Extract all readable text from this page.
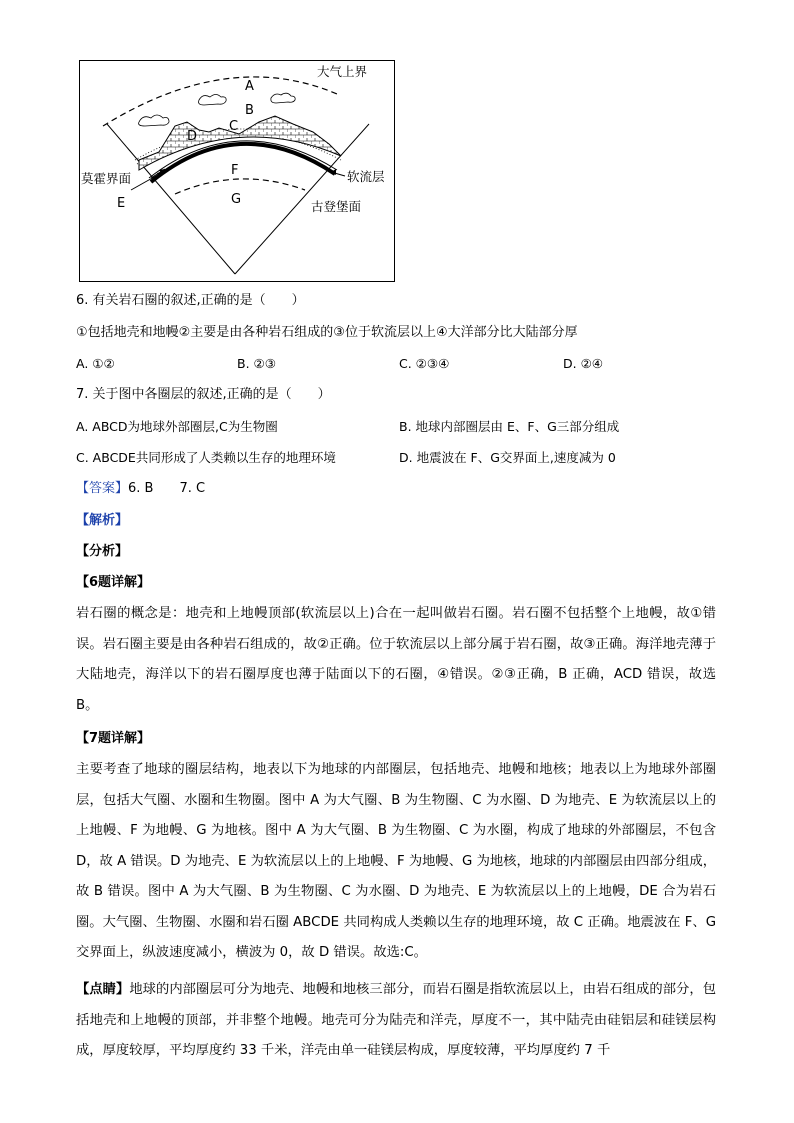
A
B
C
D
F
G
E
大气上界
莫霍界面	软流层
古登堡面
6. 有关岩石圈的叙述,正确的是（　　）
①包括地壳和地幔②主要是由各种岩石组成的③位于软流层以上④大洋部分比大陆部分厚
A. ①②	B. ②③	C. ②③④	D. ②④
7. 关于图中各圈层的叙述,正确的是（　　）
A. ABCD为地球外部圈层,C为生物圈	B. 地球内部圈层由 E、F、G三部分组成
C. ABCDE共同形成了人类赖以生存的地理环境	D. 地震波在 F、G交界面上,速度减为 0
【答案】6. B　　7. C
【解析】
【分析】
【6题详解】

岩石圈的概念是：地壳和上地幔顶部(软流层以上)合在一起叫做岩石圈。岩石圈不包括整个上地幔，故①错误。岩石圈主要是由各种岩石组成的，故②正确。位于软流层以上部分属于岩石圈，故③正确。海洋地壳薄于大陆地壳，海洋以下的岩石圈厚度也薄于陆面以下的石圈，④错误。②③正确，B 正确，ACD 错误，故选 B。

【7题详解】

主要考查了地球的圈层结构，地表以下为地球的内部圈层，包括地壳、地幔和地核；地表以上为地球外部圈层，包括大气圈、水圈和生物圈。图中 A 为大气圈、B 为生物圈、C 为水圈、D 为地壳、E 为软流层以上的上地幔、F 为地幔、G 为地核。图中 A 为大气圈、B 为生物圈、C 为水圈，构成了地球的外部圈层，不包含 D，故 A 错误。D 为地壳、E 为软流层以上的上地幔、F 为地幔、G 为地核，地球的内部圈层由四部分组成，故 B 错误。图中 A 为大气圈、B 为生物圈、C 为水圈、D 为地壳、E 为软流层以上的上地幔，DE 合为岩石圈。大气圈、生物圈、水圈和岩石圈 ABCDE 共同构成人类赖以生存的地理环境，故 C 正确。地震波在 F、G 交界面上，纵波速度减小，横波为 0，故 D 错误。故选:C。

【点睛】地球的内部圈层可分为地壳、地幔和地核三部分，而岩石圈是指软流层以上，由岩石组成的部分，包括地壳和上地幔的顶部，并非整个地幔。地壳可分为陆壳和洋壳，厚度不一，其中陆壳由硅铝层和硅镁层构成，厚度较厚，平均厚度约 33 千米，洋壳由单一硅镁层构成，厚度较薄，平均厚度约 7 千
